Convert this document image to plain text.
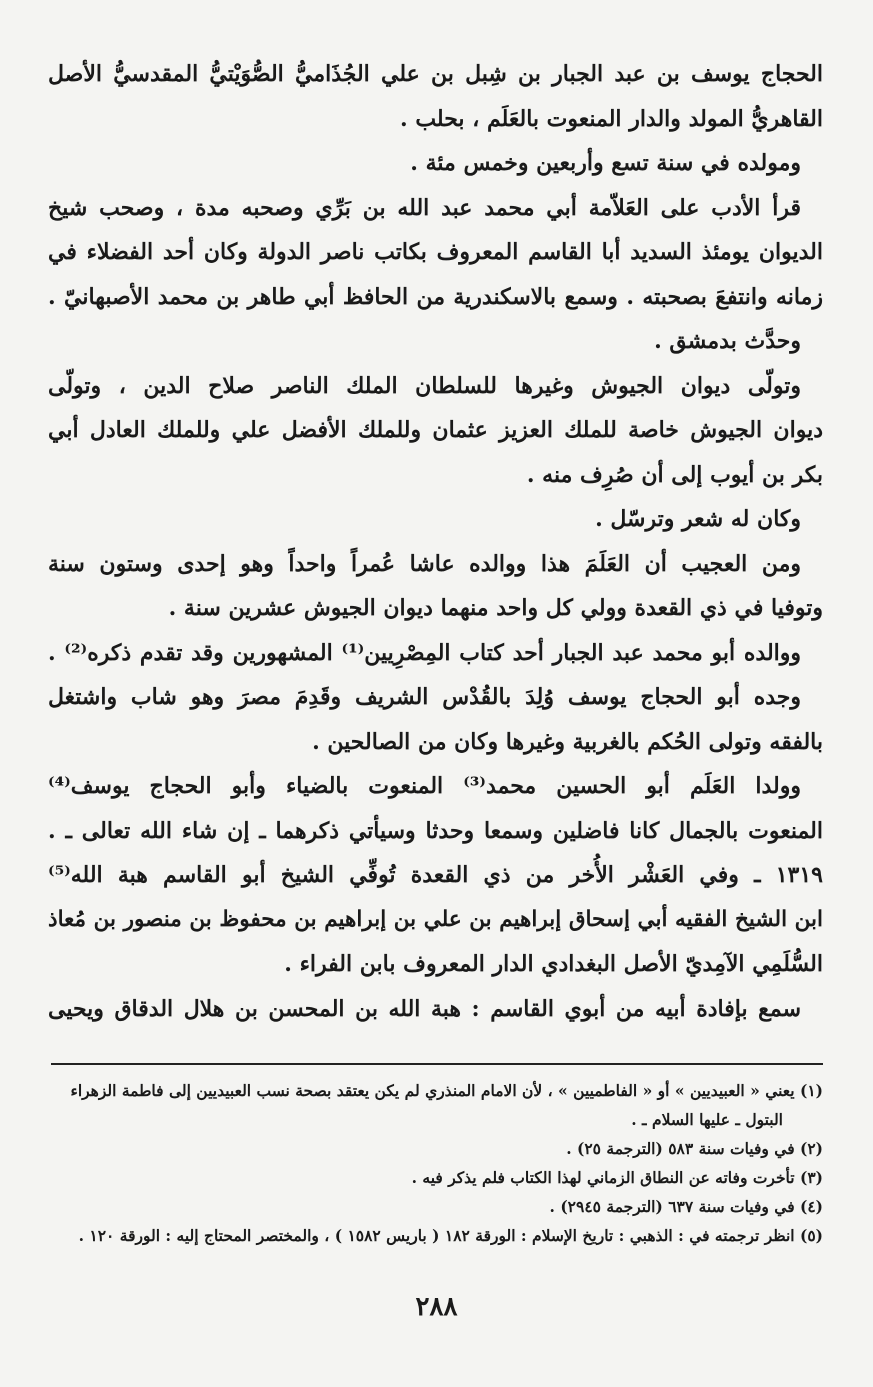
الحجاج يوسف بن عبد الجبار بن شِبل بن علي الجُذَاميُّ الصُّوَيْتيُّ المقدسيُّ الأصل
القاهريُّ المولد والدار المنعوت بالعَلَم ، بحلب .
ومولده في سنة تسع وأربعين وخمس مئة .
قرأ الأدب على العَلاّمة أبي محمد عبد الله بن بَرِّي وصحبه مدة ، وصحب شيخ
الديوان يومئذ السديد أبا القاسم المعروف بكاتب ناصر الدولة وكان أحد الفضلاء في
زمانه وانتفعَ بصحبته . وسمع بالاسكندرية من الحافظ أبي طاهر بن محمد الأصبهانيّ .
وحدَّث بدمشق .
وتولّى ديوان الجيوش وغيرها للسلطان الملك الناصر صلاح الدين ، وتولّى
ديوان الجيوش خاصة للملك العزيز عثمان وللملك الأفضل علي وللملك العادل أبي
بكر بن أيوب إلى أن صُرِف منه .
وكان له شعر وترسّل .
ومن العجيب أن العَلَمَ هذا ووالده عاشا عُمراً واحداً وهو إحدى وستون سنة
وتوفيا في ذي القعدة وولي كل واحد منهما ديوان الجيوش عشرين سنة .
ووالده أبو محمد عبد الجبار أحد كتاب المِصْرِيين⁽¹⁾ المشهورين وقد تقدم ذكره⁽²⁾ .
وجده أبو الحجاج يوسف وُلِدَ بالقُدْس الشريف وقَدِمَ مصرَ وهو شاب واشتغل
بالفقه وتولى الحُكم بالغربية وغيرها وكان من الصالحين .
وولدا العَلَم أبو الحسين محمد⁽³⁾ المنعوت بالضياء وأبو الحجاج يوسف⁽⁴⁾
المنعوت بالجمال كانا فاضلين وسمعا وحدثا وسيأتي ذكرهما ـ إن شاء الله تعالى ـ .
١٣١٩ ـ وفي العَشْر الأُخر من ذي القعدة تُوفِّي الشيخ أبو القاسم هبة الله⁽⁵⁾
ابن الشيخ الفقيه أبي إسحاق إبراهيم بن علي بن إبراهيم بن محفوظ بن منصور بن مُعاذ
السُّلَمِي الآمِديّ الأصل البغدادي الدار المعروف بابن الفراء .
سمع بإفادة أبيه من أبوي القاسم : هبة الله بن المحسن بن هلال الدقاق ويحيى
(١) يعني « العبيديين » أو « الفاطميين » ، لأن الامام المنذري لم يكن يعتقد بصحة نسب العبيديين إلى فاطمة الزهراء
البتول ـ عليها السلام ـ .
(٢) في وفيات سنة ٥٨٣ (الترجمة ٢٥) .
(٣) تأخرت وفاته عن النطاق الزماني لهذا الكتاب فلم يذكر فيه .
(٤) في وفيات سنة ٦٣٧ (الترجمة ٢٩٤٥) .
(٥) انظر ترجمته في : الذهبي : تاريخ الإسلام : الورقة ١٨٢ ( باريس ١٥٨٢ ) ، والمختصر المحتاج إليه : الورقة ١٢٠ .
٢٨٨
